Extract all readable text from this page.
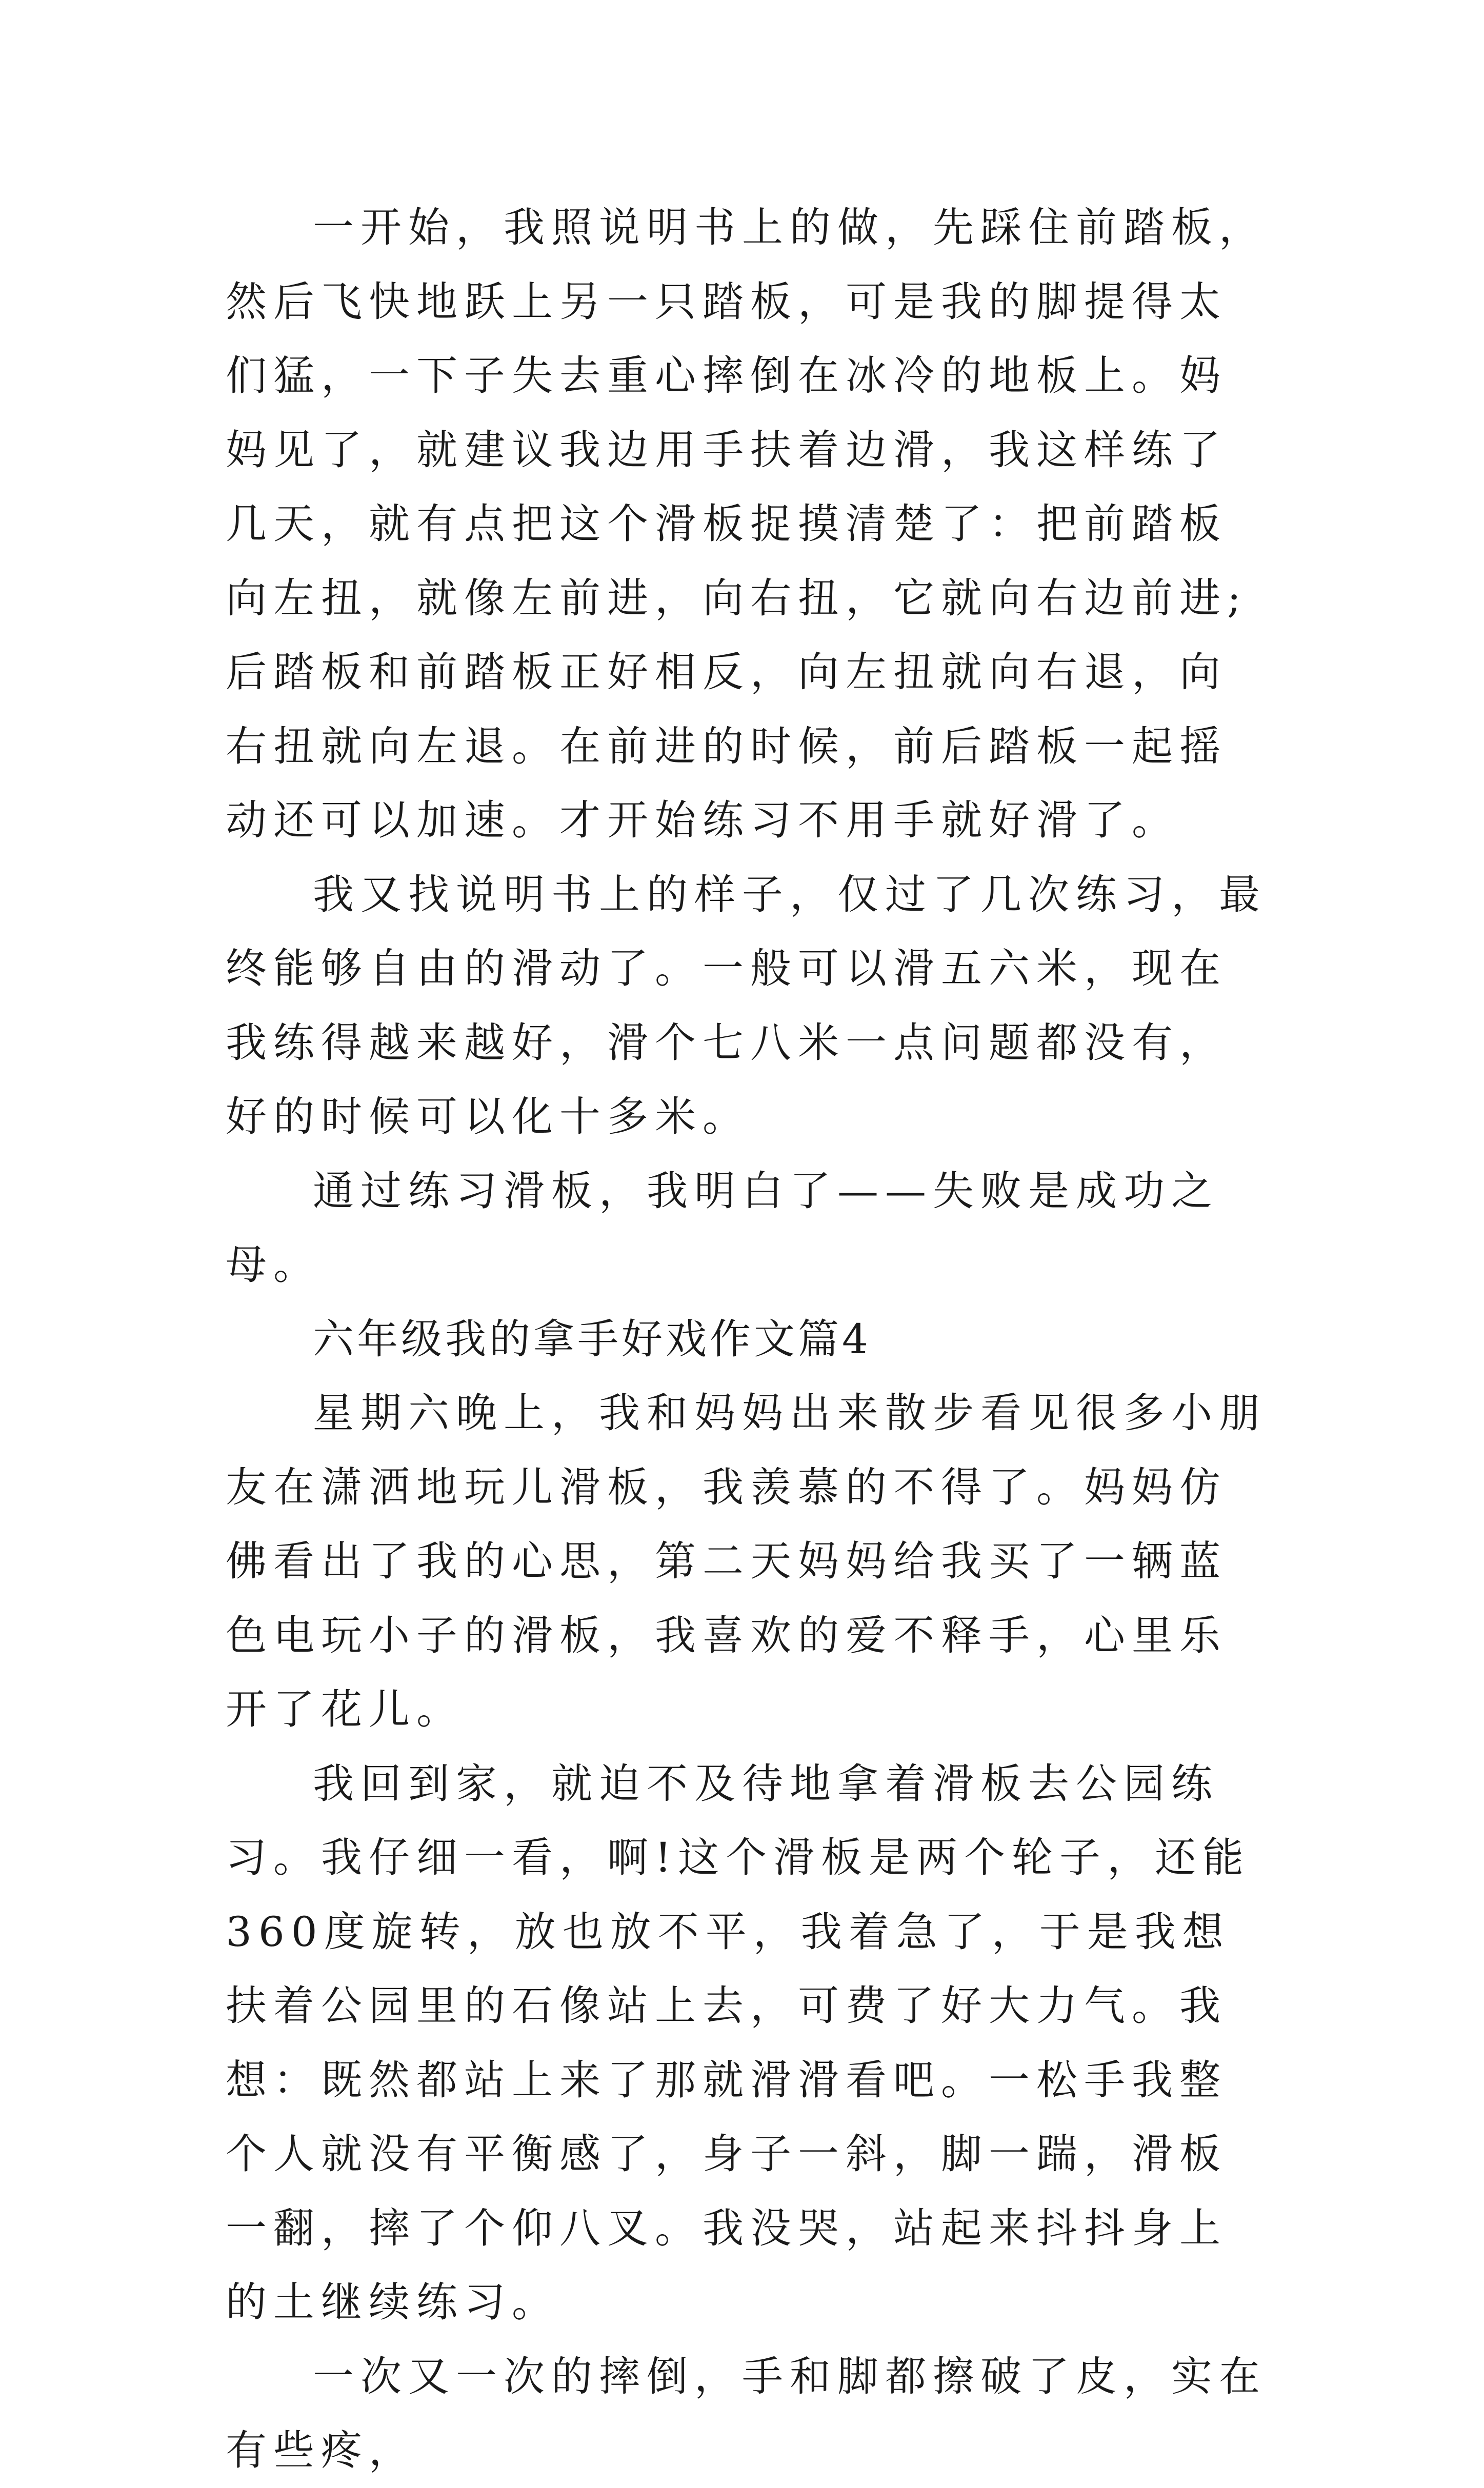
一开始，我照说明书上的做，先踩住前踏板，然后飞快地跃上另一只踏板，可是我的脚提得太们猛，一下子失去重心摔倒在冰冷的地板上。妈妈见了，就建议我边用手扶着边滑，我这样练了几天，就有点把这个滑板捉摸清楚了：把前踏板向左扭，就像左前进，向右扭，它就向右边前进;后踏板和前踏板正好相反，向左扭就向右退，向右扭就向左退。在前进的时候，前后踏板一起摇动还可以加速。才开始练习不用手就好滑了。

我又找说明书上的样子，仅过了几次练习，最终能够自由的滑动了。一般可以滑五六米，现在我练得越来越好，滑个七八米一点问题都没有，好的时候可以化十多米。

通过练习滑板，我明白了——失败是成功之母。

六年级我的拿手好戏作文篇4

星期六晚上，我和妈妈出来散步看见很多小朋友在潇洒地玩儿滑板，我羡慕的不得了。妈妈仿佛看出了我的心思，第二天妈妈给我买了一辆蓝色电玩小子的滑板，我喜欢的爱不释手，心里乐开了花儿。

我回到家，就迫不及待地拿着滑板去公园练习。我仔细一看，啊!这个滑板是两个轮子，还能360度旋转，放也放不平，我着急了，于是我想扶着公园里的石像站上去，可费了好大力气。我想：既然都站上来了那就滑滑看吧。一松手我整个人就没有平衡感了，身子一斜，脚一踹，滑板一翻，摔了个仰八叉。我没哭，站起来抖抖身上的土继续练习。

一次又一次的摔倒，手和脚都擦破了皮，实在有些疼，
